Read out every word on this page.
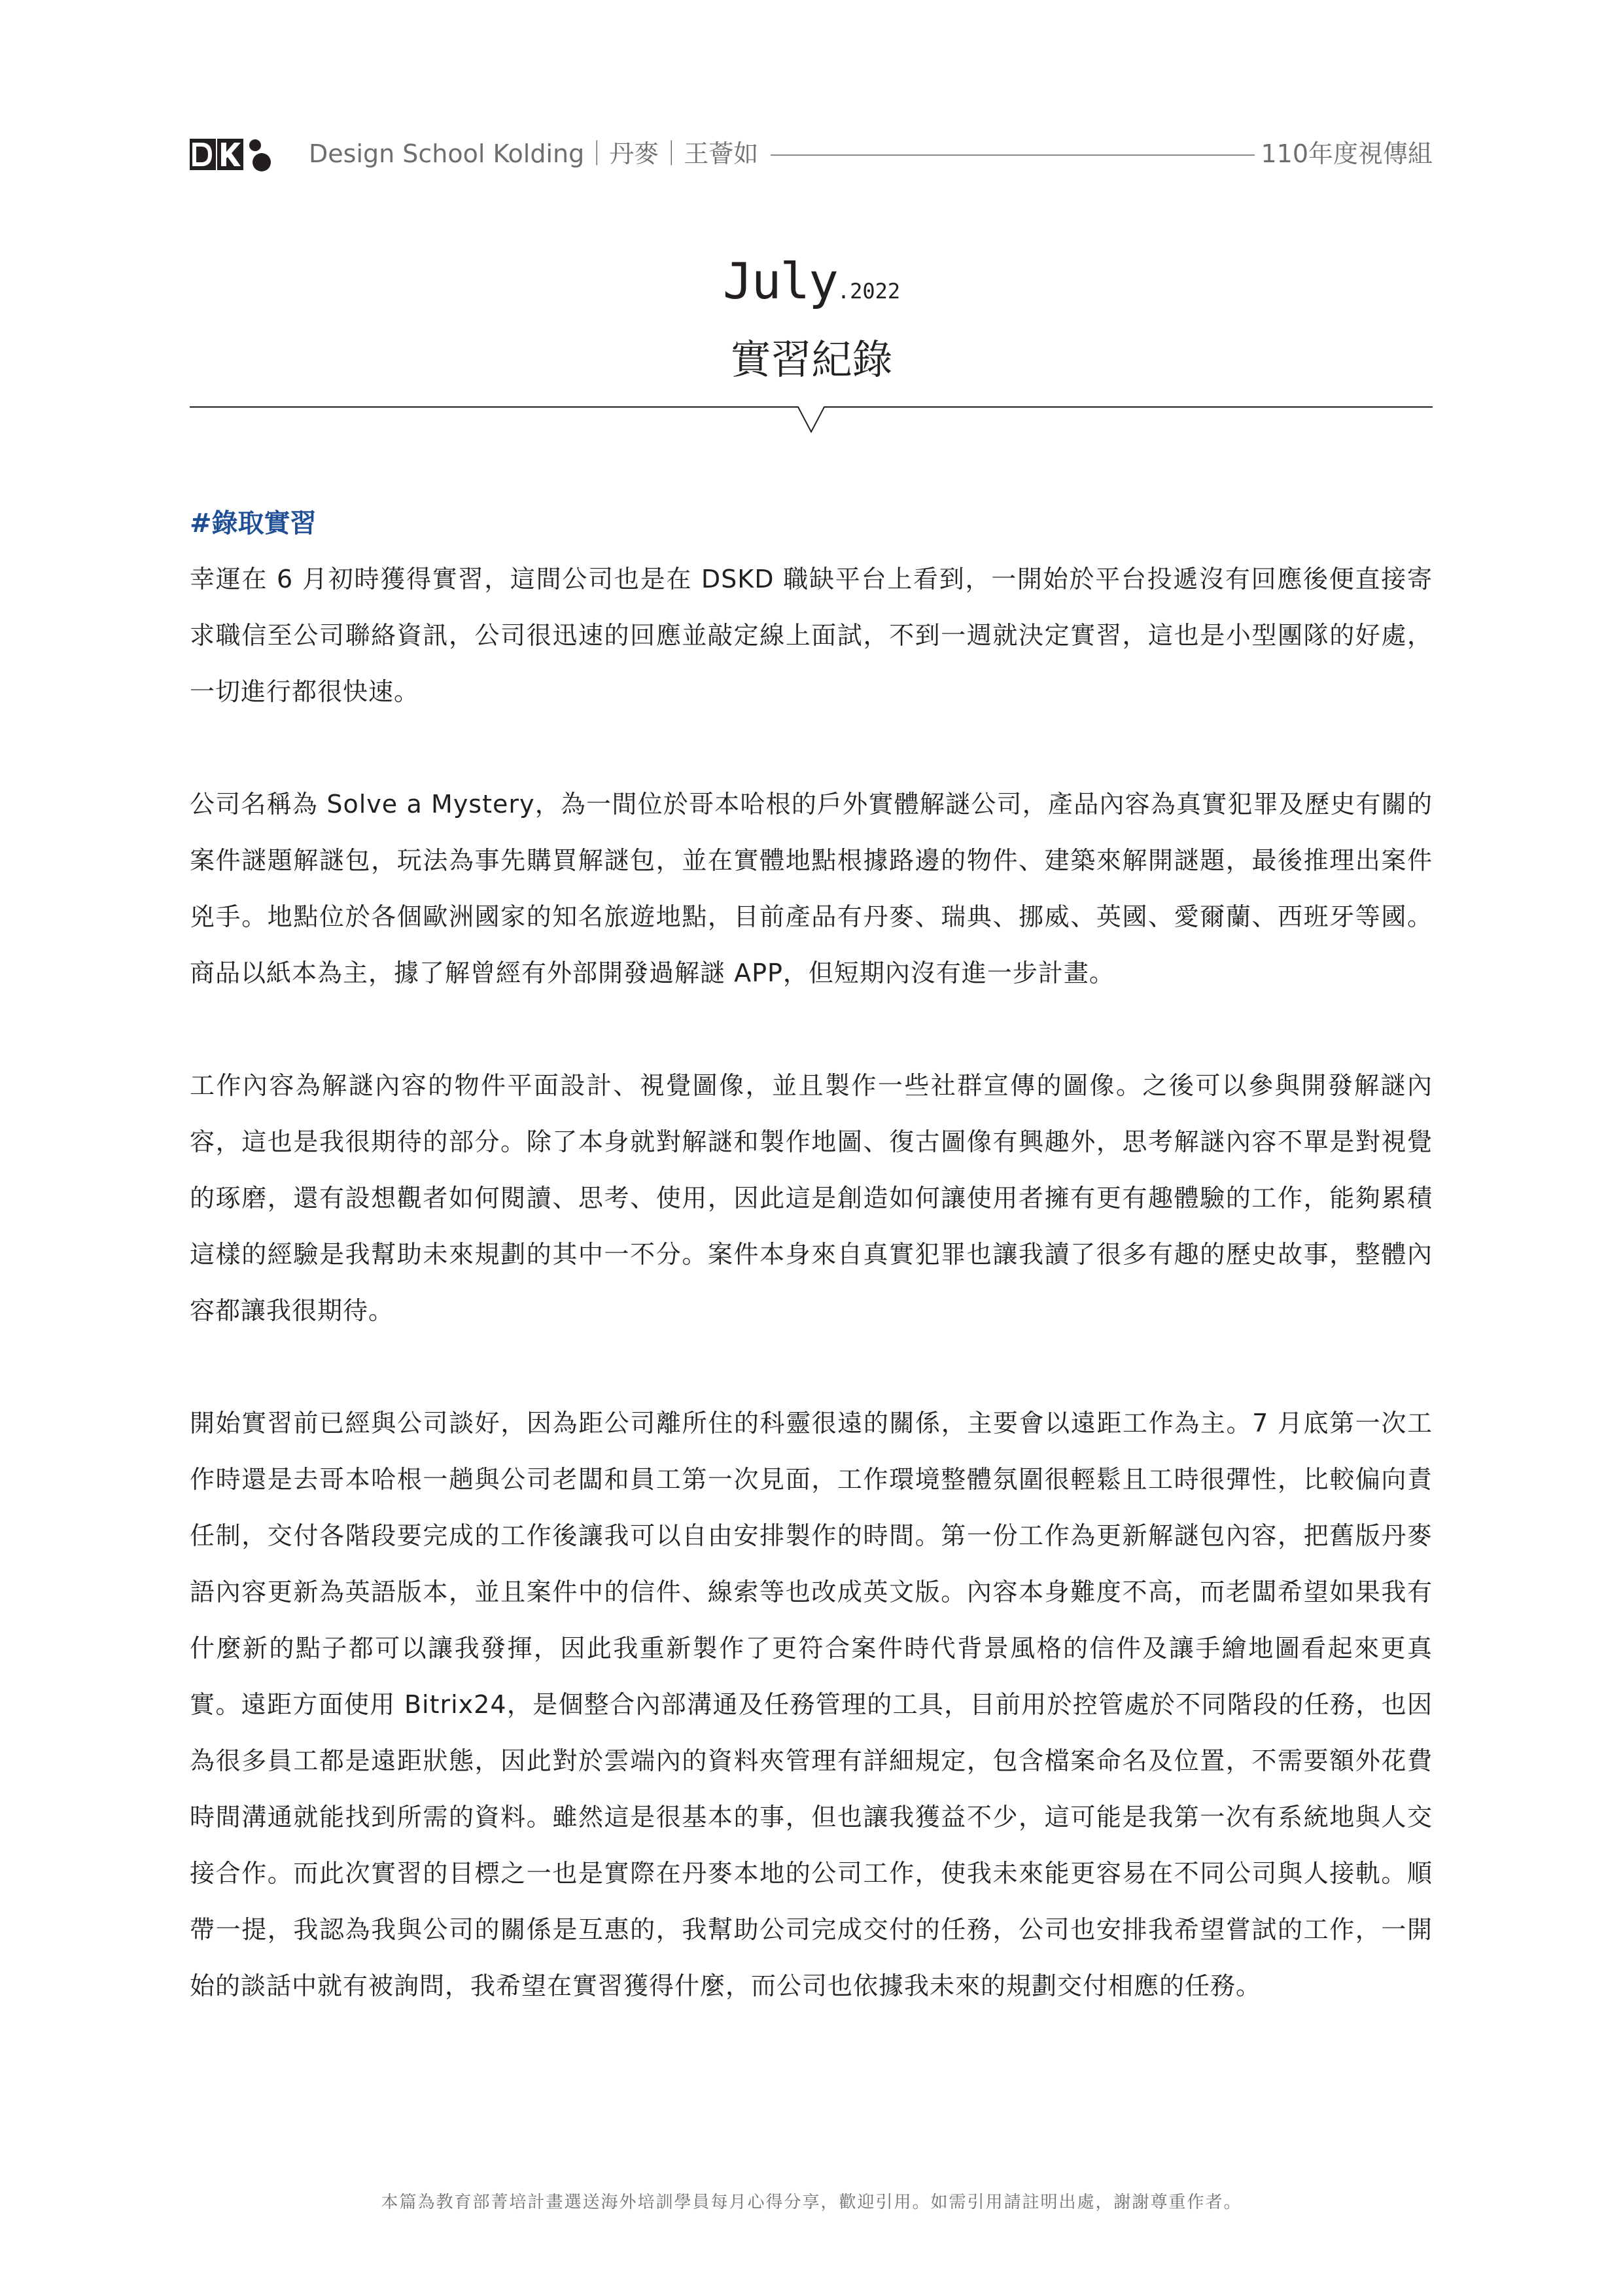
Design School Kolding｜丹麥｜王薈如	110年度視傳組
July.2022
實習紀錄
#錄取實習

幸運在 6 月初時獲得實習，這間公司也是在 DSKD 職缺平台上看到，一開始於平台投遞沒有回應後便直接寄求職信至公司聯絡資訊，公司很迅速的回應並敲定線上面試，不到一週就決定實習，這也是小型團隊的好處，一切進行都很快速。

公司名稱為 Solve a Mystery，為一間位於哥本哈根的戶外實體解謎公司，產品內容為真實犯罪及歷史有關的案件謎題解謎包，玩法為事先購買解謎包，並在實體地點根據路邊的物件、建築來解開謎題，最後推理出案件兇手。地點位於各個歐洲國家的知名旅遊地點，目前產品有丹麥、瑞典、挪威、英國、愛爾蘭、西班牙等國。商品以紙本為主，據了解曾經有外部開發過解謎 APP，但短期內沒有進一步計畫。

工作內容為解謎內容的物件平面設計、視覺圖像，並且製作一些社群宣傳的圖像。之後可以參與開發解謎內容，這也是我很期待的部分。除了本身就對解謎和製作地圖、復古圖像有興趣外，思考解謎內容不單是對視覺的琢磨，還有設想觀者如何閱讀、思考、使用，因此這是創造如何讓使用者擁有更有趣體驗的工作，能夠累積這樣的經驗是我幫助未來規劃的其中一不分。案件本身來自真實犯罪也讓我讀了很多有趣的歷史故事，整體內容都讓我很期待。

開始實習前已經與公司談好，因為距公司離所住的科靈很遠的關係，主要會以遠距工作為主。7 月底第一次工作時還是去哥本哈根一趟與公司老闆和員工第一次見面，工作環境整體氛圍很輕鬆且工時很彈性，比較偏向責任制，交付各階段要完成的工作後讓我可以自由安排製作的時間。第一份工作為更新解謎包內容，把舊版丹麥語內容更新為英語版本，並且案件中的信件、線索等也改成英文版。內容本身難度不高，而老闆希望如果我有什麼新的點子都可以讓我發揮，因此我重新製作了更符合案件時代背景風格的信件及讓手繪地圖看起來更真實。遠距方面使用 Bitrix24，是個整合內部溝通及任務管理的工具，目前用於控管處於不同階段的任務，也因為很多員工都是遠距狀態，因此對於雲端內的資料夾管理有詳細規定，包含檔案命名及位置，不需要額外花費時間溝通就能找到所需的資料。雖然這是很基本的事，但也讓我獲益不少，這可能是我第一次有系統地與人交接合作。而此次實習的目標之一也是實際在丹麥本地的公司工作，使我未來能更容易在不同公司與人接軌。順帶一提，我認為我與公司的關係是互惠的，我幫助公司完成交付的任務，公司也安排我希望嘗試的工作，一開始的談話中就有被詢問，我希望在實習獲得什麼，而公司也依據我未來的規劃交付相應的任務。

本篇為教育部菁培計畫選送海外培訓學員每月心得分享，歡迎引用。如需引用請註明出處，謝謝尊重作者。
